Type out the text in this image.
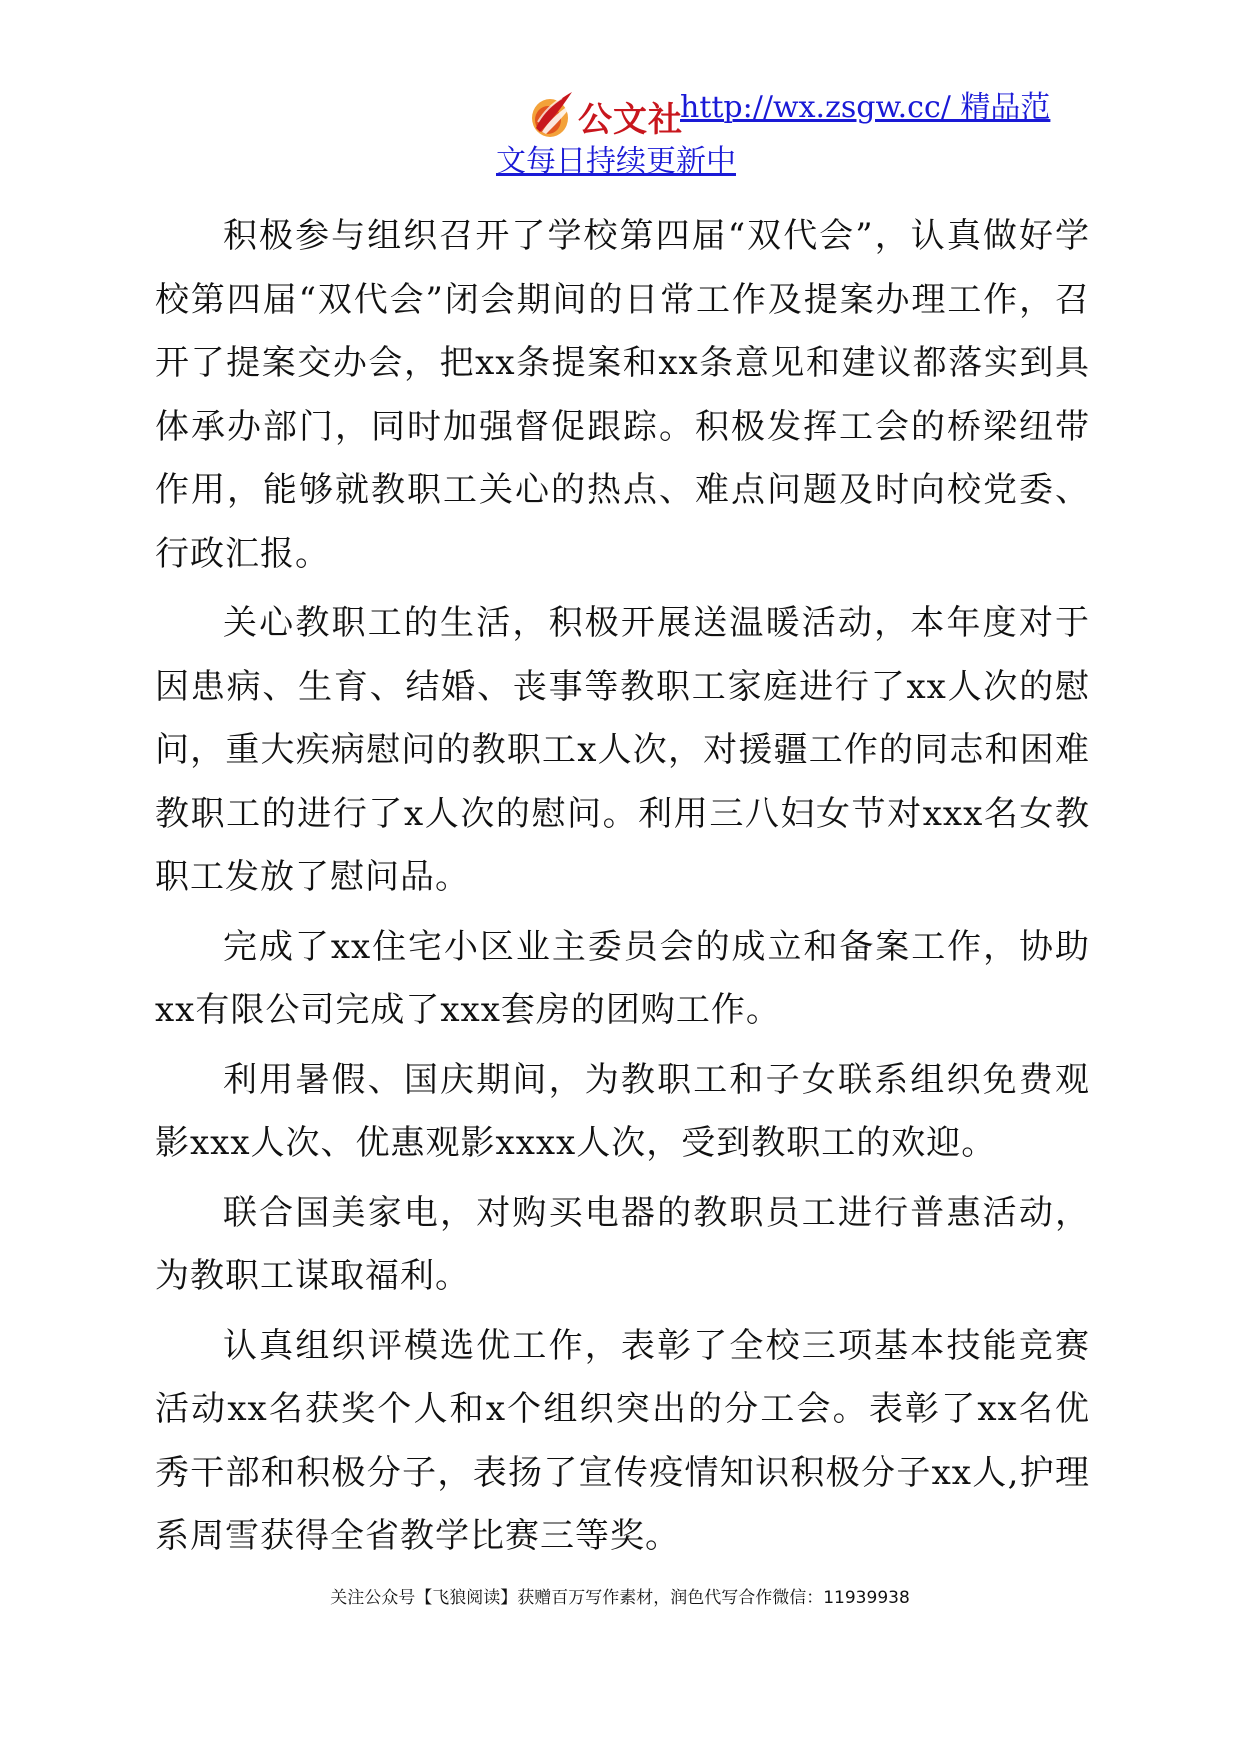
公文社
http://wx.zsgw.cc/ 精品范
文每日持续更新中

积极参与组织召开了学校第四届“双代会”，认真做好学校第四届“双代会”闭会期间的日常工作及提案办理工作，召开了提案交办会，把xx条提案和xx条意见和建议都落实到具体承办部门，同时加强督促跟踪。积极发挥工会的桥梁纽带作用，能够就教职工关心的热点、难点问题及时向校党委、行政汇报。

关心教职工的生活，积极开展送温暖活动，本年度对于因患病、生育、结婚、丧事等教职工家庭进行了xx人次的慰问，重大疾病慰问的教职工x人次，对援疆工作的同志和困难教职工的进行了x人次的慰问。利用三八妇女节对xxx名女教职工发放了慰问品。

完成了xx住宅小区业主委员会的成立和备案工作，协助xx有限公司完成了xxx套房的团购工作。

利用暑假、国庆期间，为教职工和子女联系组织免费观影xxx人次、优惠观影xxxx人次，受到教职工的欢迎。

联合国美家电，对购买电器的教职员工进行普惠活动，为教职工谋取福利。

认真组织评模选优工作，表彰了全校三项基本技能竞赛活动xx名获奖个人和x个组织突出的分工会。表彰了xx名优秀干部和积极分子，表扬了宣传疫情知识积极分子xx人,护理系周雪获得全省教学比赛三等奖。

关注公众号【飞狼阅读】获赠百万写作素材，润色代写合作微信：11939938
